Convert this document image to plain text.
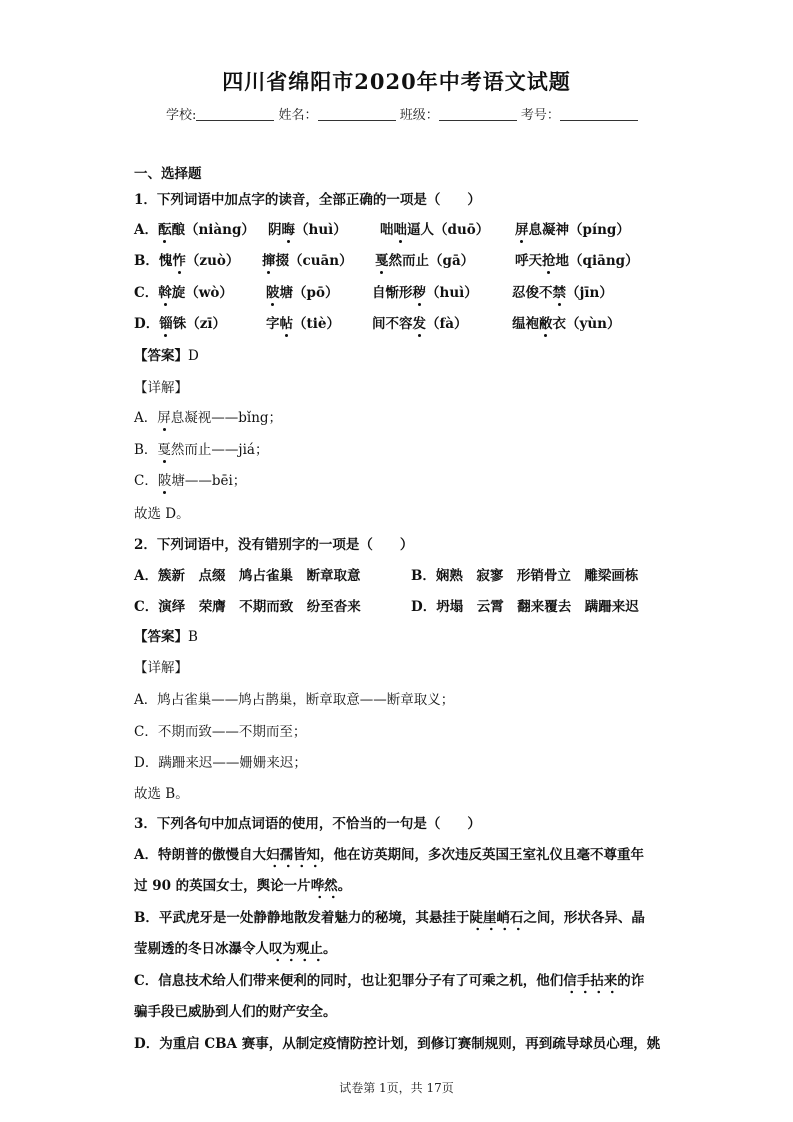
四川省绵阳市2020年中考语文试题
学校:	姓名：	班级：	考号：
一、选择题
1．下列词语中加点字的读音，全部正确的一项是（　　）
A．酝酿（niàng） 阴晦（huì） 咄咄逼人（duō） 屏息凝神（píng）
B．愧怍（zuò） 撺掇（cuān） 戛然而止（gā）	呼天抢地（qiāng）
C．斡旋（wò） 陂塘（pō） 自惭形秽（huì）	忍俊不禁（jīn）
D．锱铢（zī）	字帖（tiè） 间不容发（fà）	缊袍敝衣（yùn）
【答案】D
【详解】
A．屏息凝视——bǐng；
B．戛然而止——jiá；
C．陂塘——bēi；
故选 D。
2．下列词语中，没有错别字的一项是（　　）
A．簇新　点缀　鸠占雀巢　断章取意	B．娴熟　寂寥　形销骨立　雕梁画栋
C．演绎　荣膺　不期而致　纷至沓来	D．坍塌　云霄　翻来覆去　蹒跚来迟
【答案】B
【详解】
A．鸠占雀巢——鸠占鹊巢，断章取意——断章取义；
C．不期而致——不期而至；
D．蹒跚来迟——姗姗来迟；
故选 B。
3．下列各句中加点词语的使用，不恰当的一句是（　　）
A．特朗普的傲慢自大妇孺皆知，他在访英期间，多次违反英国王室礼仪且毫不尊重年
过 90 的英国女士，舆论一片哗然。
B．平武虎牙是一处静静地散发着魅力的秘境，其悬挂于陡崖峭石之间，形状各异、晶
莹剔透的冬日冰瀑令人叹为观止。
C．信息技术给人们带来便利的同时，也让犯罪分子有了可乘之机，他们信手拈来的诈
骗手段已威胁到人们的财产安全。
D．为重启 CBA 赛事，从制定疫情防控计划，到修订赛制规则，再到疏导球员心理，姚
试卷第 1页，共 17页
